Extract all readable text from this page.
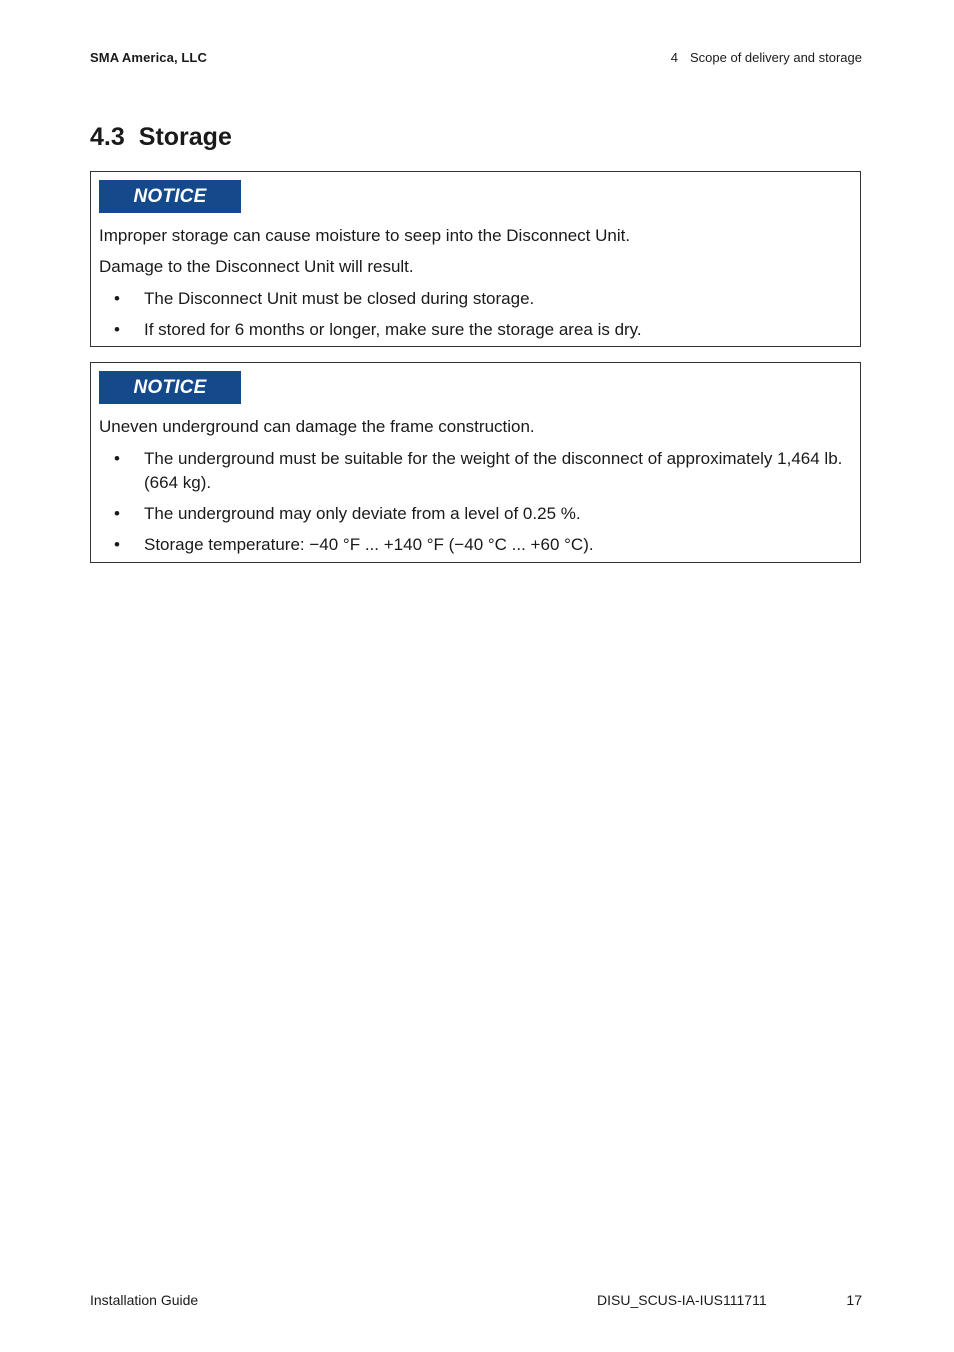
SMA America, LLC	4 Scope of delivery and storage
4.3 Storage
NOTICE

Improper storage can cause moisture to seep into the Disconnect Unit.

Damage to the Disconnect Unit will result.

• The Disconnect Unit must be closed during storage.
• If stored for 6 months or longer, make sure the storage area is dry.
NOTICE

Uneven underground can damage the frame construction.

• The underground must be suitable for the weight of the disconnect of approximately 1,464 lb. (664 kg).
• The underground may only deviate from a level of 0.25 %.
• Storage temperature: −40 °F ... +140 °F (−40 °C ... +60 °C).
Installation Guide	DISU_SCUS-IA-IUS111711	17
